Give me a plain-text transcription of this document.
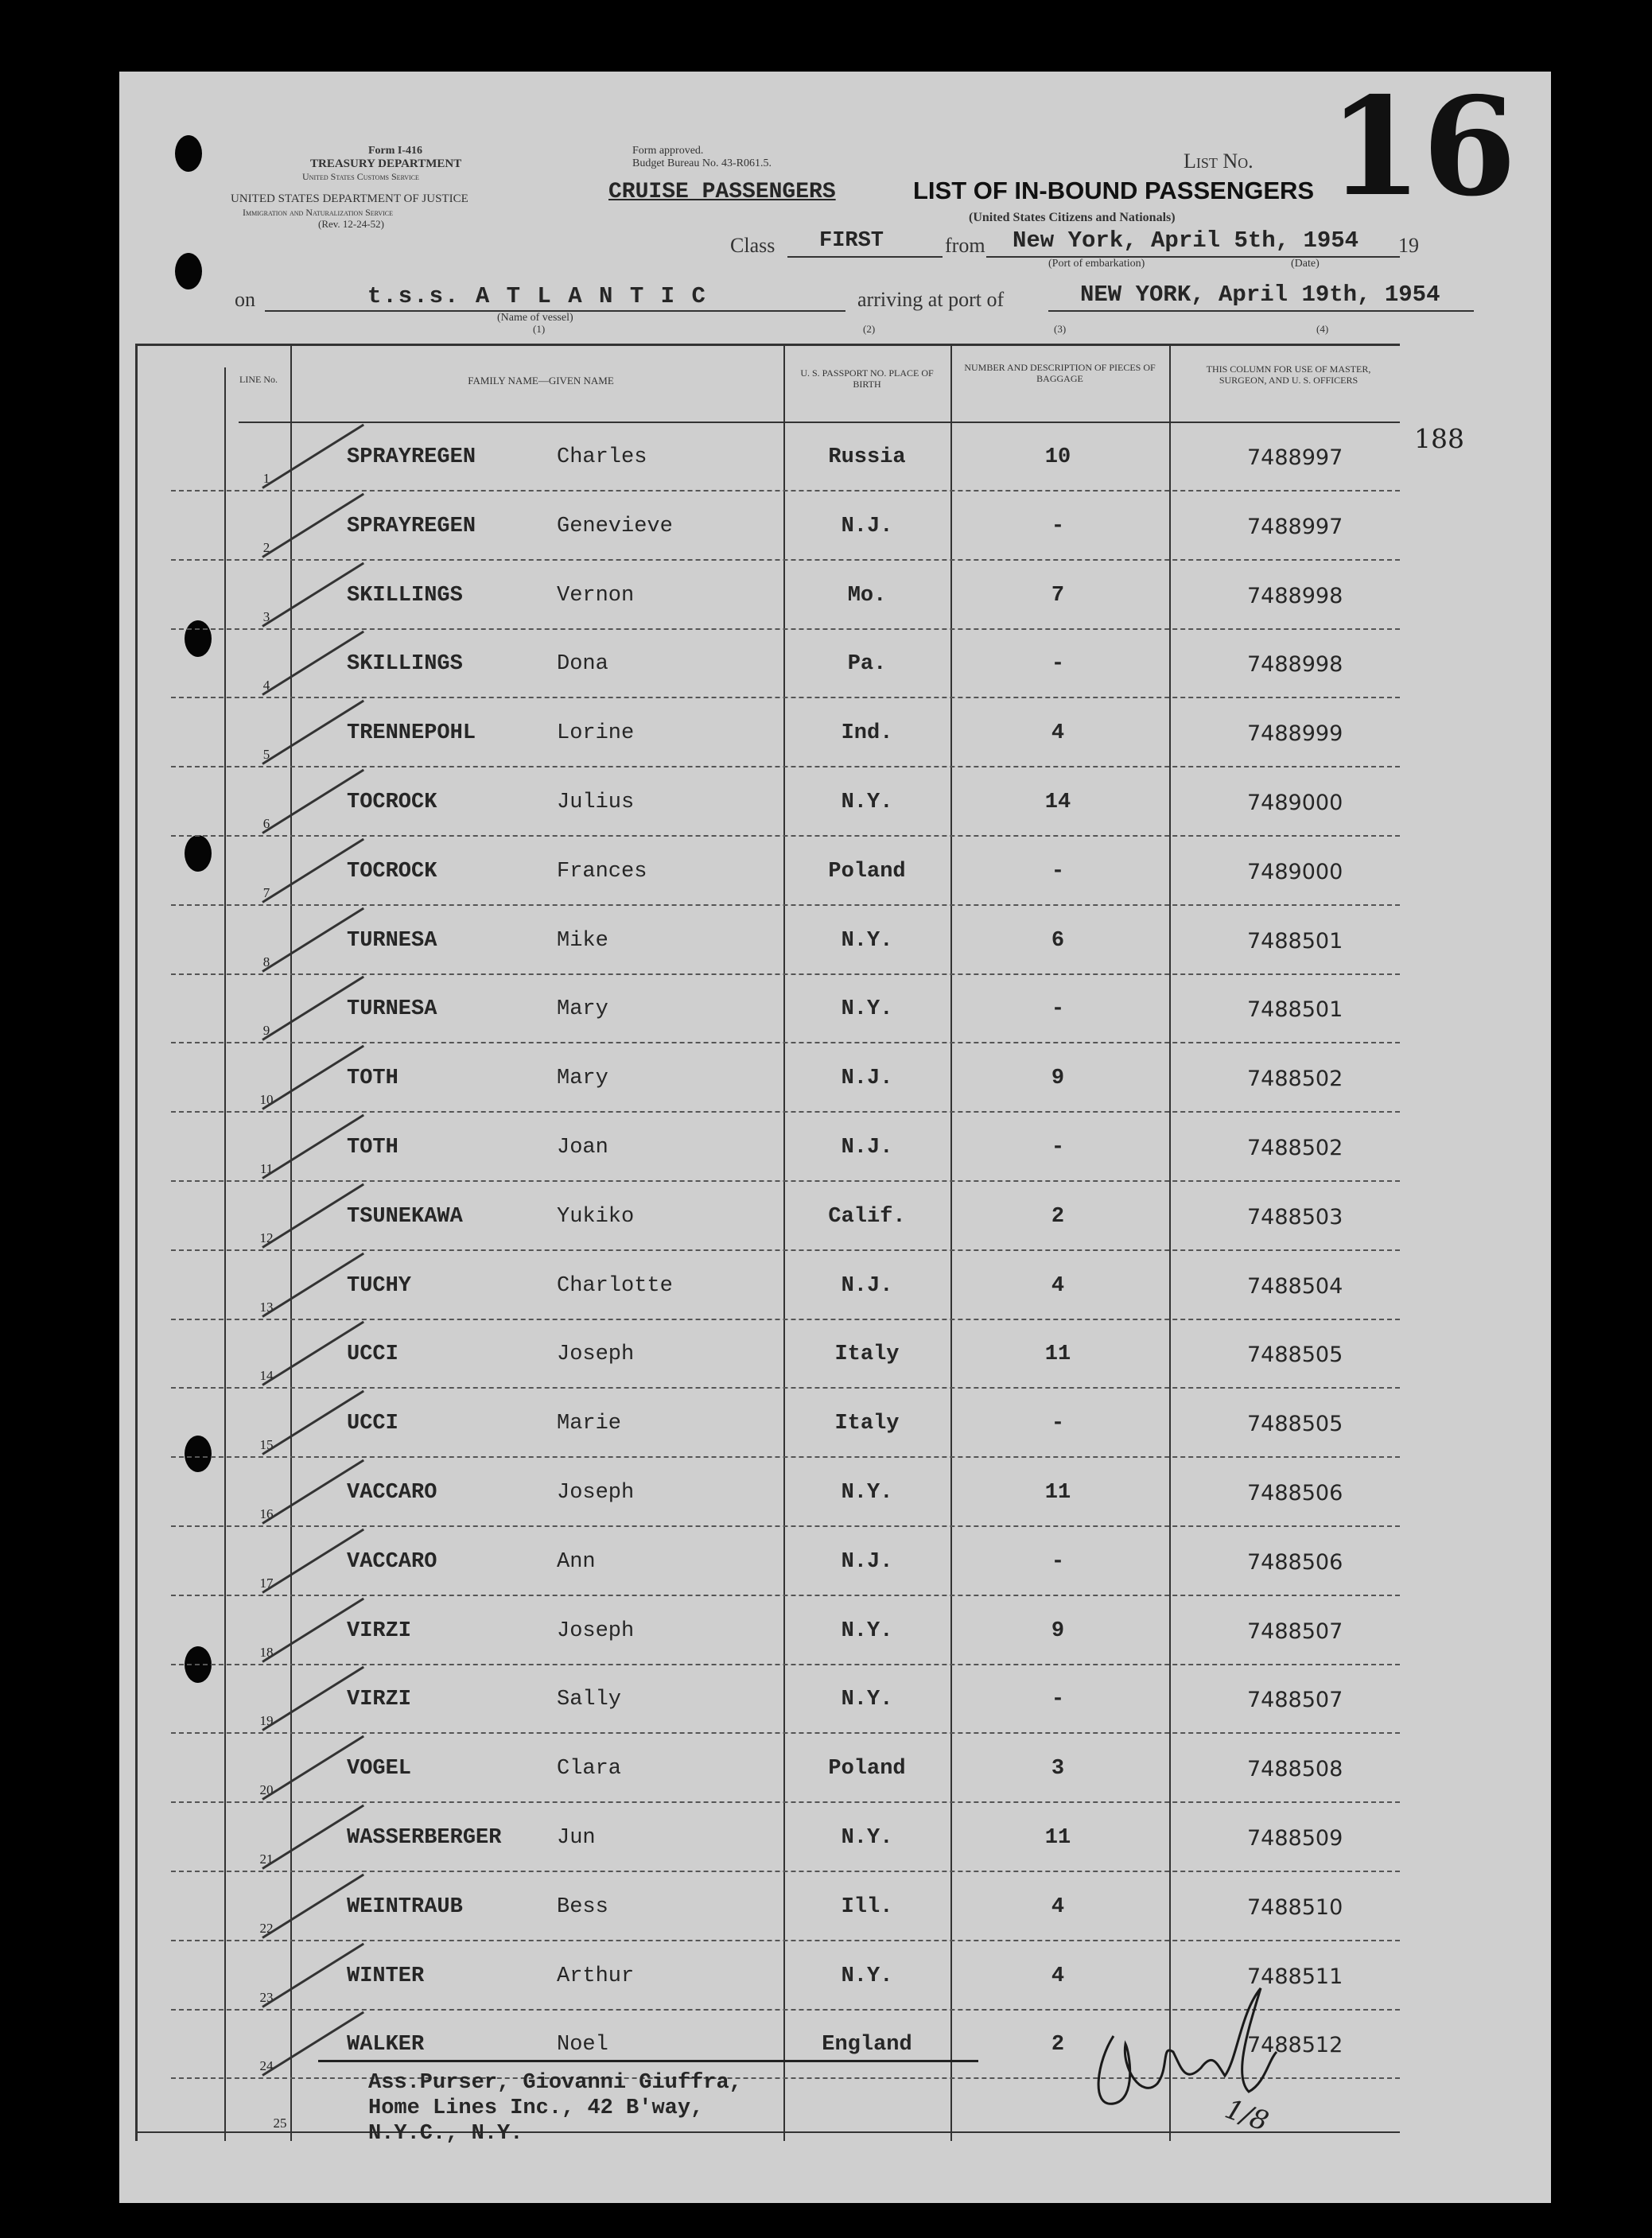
Form I-416
TREASURY DEPARTMENT
United States Customs Service
UNITED STATES DEPARTMENT OF JUSTICE
Immigration and Naturalization Service
(Rev. 12-24-52)
Form approved.
Budget Bureau No. 43-R061.5.
CRUISE PASSENGERS
List No. 16
LIST OF IN-BOUND PASSENGERS
(United States Citizens and Nationals)
Class FIRST	from New York, April 5th, 1954 19
(Port of embarkation)	(Date)
on	t.s.s. A T L A N T I C
(Name of vessel)
(1)
arriving at port of	NEW YORK, April 19th, 1954
(2)	(3)	(4)
LINE No.	FAMILY NAME—GIVEN NAME
U. S. PASSPORT NO. PLACE OF BIRTH
NUMBER AND DESCRIPTION OF PIECES OF BAGGAGE
THIS COLUMN FOR USE OF MASTER, SURGEON, AND U. S. OFFICERS
188
1
SPRAYREGEN	Charles	Russia	10	7488997
2
SPRAYREGEN	Genevieve	N.J.	-	7488997
3
SKILLINGS	Vernon	Mo.	7	7488998
4
SKILLINGS	Dona	Pa.	-	7488998
5
TRENNEPOHL	Lorine	Ind.	4	7488999
6
TOCROCK	Julius	N.Y.	14	7489000
7
TOCROCK	Frances	Poland	-	7489000
8
TURNESA	Mike	N.Y.	6	7488501
9
TURNESA	Mary	N.Y.	-	7488501
10
TOTH	Mary	N.J.	9	7488502
11
TOTH	Joan	N.J.	-	7488502
12
TSUNEKAWA	Yukiko	Calif.	2	7488503
13
TUCHY	Charlotte	N.J.	4	7488504
14
UCCI	Joseph	Italy	11	7488505
15
UCCI	Marie	Italy	-	7488505
16
VACCARO	Joseph	N.Y.	11	7488506
17
VACCARO	Ann	N.J.	-	7488506
18
VIRZI	Joseph	N.Y.	9	7488507
19
VIRZI	Sally	N.Y.	-	7488507
20
VOGEL	Clara	Poland	3	7488508
21
WASSERBERGER	Jun	N.Y.	11	7488509
22
WEINTRAUB	Bess	Ill.	4	7488510
23
WINTER	Arthur	N.Y.	4	7488511
24
WALKER	Noel	England	2	7488512
25
Ass.Purser, Giovanni Giuffra,
Home Lines Inc., 42 B'way,
N.Y.C., N.Y.	1/8
